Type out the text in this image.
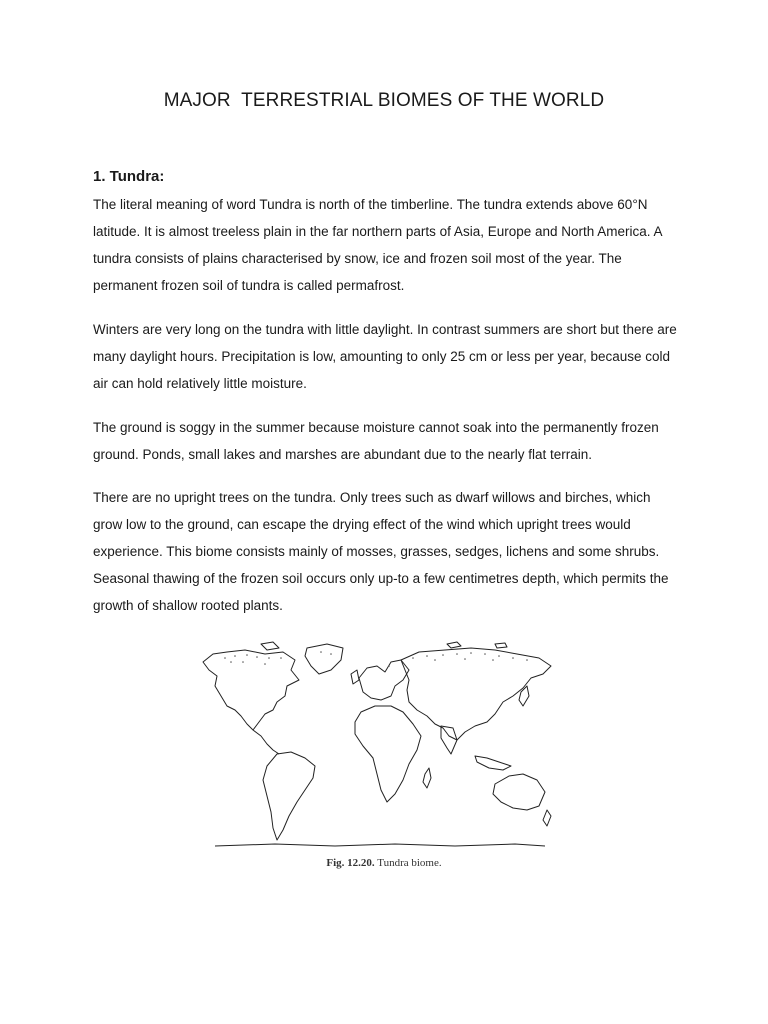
MAJOR  TERRESTRIAL BIOMES OF THE WORLD
1. Tundra:

The literal meaning of word Tundra is north of the timberline. The tundra extends above 60°N latitude. It is almost treeless plain in the far northern parts of Asia, Europe and North America. A tundra consists of plains characterised by snow, ice and frozen soil most of the year. The permanent frozen soil of tundra is called permafrost.

Winters are very long on the tundra with little daylight. In contrast summers are short but there are many daylight hours. Precipitation is low, amounting to only 25 cm or less per year, because cold air can hold relatively little moisture.

The ground is soggy in the summer because moisture cannot soak into the permanently frozen ground. Ponds, small lakes and marshes are abundant due to the nearly flat terrain.

There are no upright trees on the tundra. Only trees such as dwarf willows and birches, which grow low to the ground, can escape the drying effect of the wind which upright trees would experience. This biome consists mainly of mosses, grasses, sedges, lichens and some shrubs. Seasonal thawing of the frozen soil occurs only up-to a few centimetres depth, which permits the growth of shallow rooted plants.

Fig. 12.20. Tundra biome.
